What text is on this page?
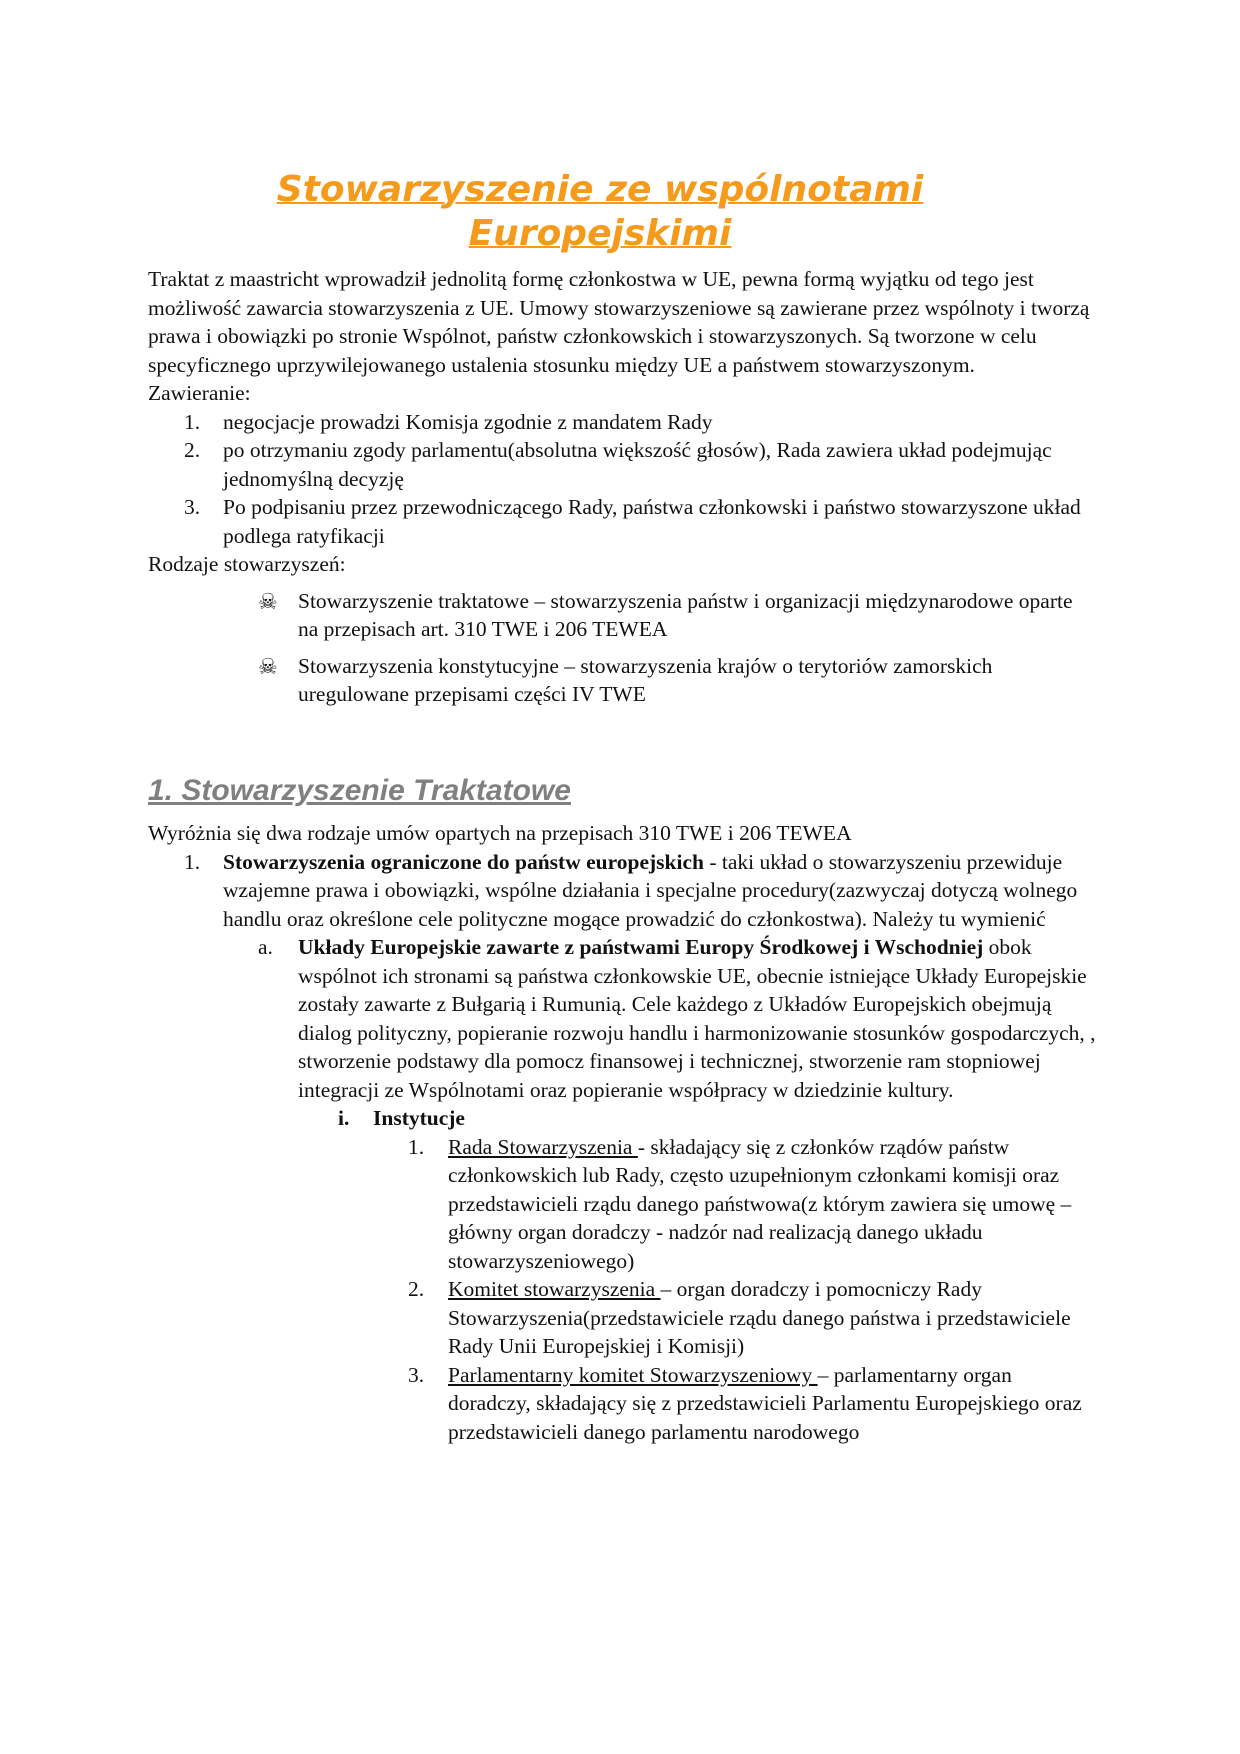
Stowarzyszenie ze wspólnotami
Europejskimi

Traktat z maastricht wprowadził jednolitą formę członkostwa w UE, pewna formą wyjątku od tego jest możliwość zawarcia stowarzyszenia z UE. Umowy stowarzyszeniowe są zawierane przez wspólnoty i tworzą prawa i obowiązki po stronie Wspólnot, państw członkowskich i stowarzyszonych. Są tworzone w celu specyficznego uprzywilejowanego ustalenia stosunku między UE a państwem stowarzyszonym.

Zawieranie:

1. negocjacje prowadzi Komisja zgodnie z mandatem Rady
2. po otrzymaniu zgody parlamentu(absolutna większość głosów), Rada zawiera układ podejmując jednomyślną decyzję
3. Po podpisaniu przez przewodniczącego Rady, państwa członkowski i państwo stowarzyszone układ podlega ratyfikacji

Rodzaje stowarzyszeń:

☠ Stowarzyszenie traktatowe – stowarzyszenia państw i organizacji międzynarodowe oparte na przepisach art. 310 TWE i 206 TEWEA
☠ Stowarzyszenia konstytucyjne – stowarzyszenia krajów o terytoriów zamorskich uregulowane przepisami części IV TWE
1. Stowarzyszenie Traktatowe

Wyróżnia się dwa rodzaje umów opartych na przepisach 310 TWE i 206 TEWEA

1. Stowarzyszenia ograniczone do państw europejskich - taki układ o stowarzyszeniu przewiduje wzajemne prawa i obowiązki, wspólne działania i specjalne procedury(zazwyczaj dotyczą wolnego handlu oraz określone cele polityczne mogące prowadzić do członkostwa). Należy tu wymienić
a. Układy Europejskie zawarte z państwami Europy Środkowej i Wschodniej obok wspólnot ich stronami są państwa członkowskie UE, obecnie istniejące Układy Europejskie zostały zawarte z Bułgarią i Rumunią. Cele każdego z Układów Europejskich obejmują dialog polityczny, popieranie rozwoju handlu i harmonizowanie stosunków gospodarczych, , stworzenie podstawy dla pomocz finansowej i technicznej, stworzenie ram stopniowej integracji ze Wspólnotami oraz popieranie współpracy w dziedzinie kultury.
i. Instytucje
1. Rada Stowarzyszenia - składający się z członków rządów państw członkowskich lub Rady, często uzupełnionym członkami komisji oraz przedstawicieli rządu danego państwowa(z którym zawiera się umowę – główny organ doradczy - nadzór nad realizacją danego układu stowarzyszeniowego)
2. Komitet stowarzyszenia – organ doradczy i pomocniczy Rady Stowarzyszenia(przedstawiciele rządu danego państwa i przedstawiciele Rady Unii Europejskiej i Komisji)
3. Parlamentarny komitet Stowarzyszeniowy – parlamentarny organ doradczy, składający się z przedstawicieli Parlamentu Europejskiego oraz przedstawicieli danego parlamentu narodowego
